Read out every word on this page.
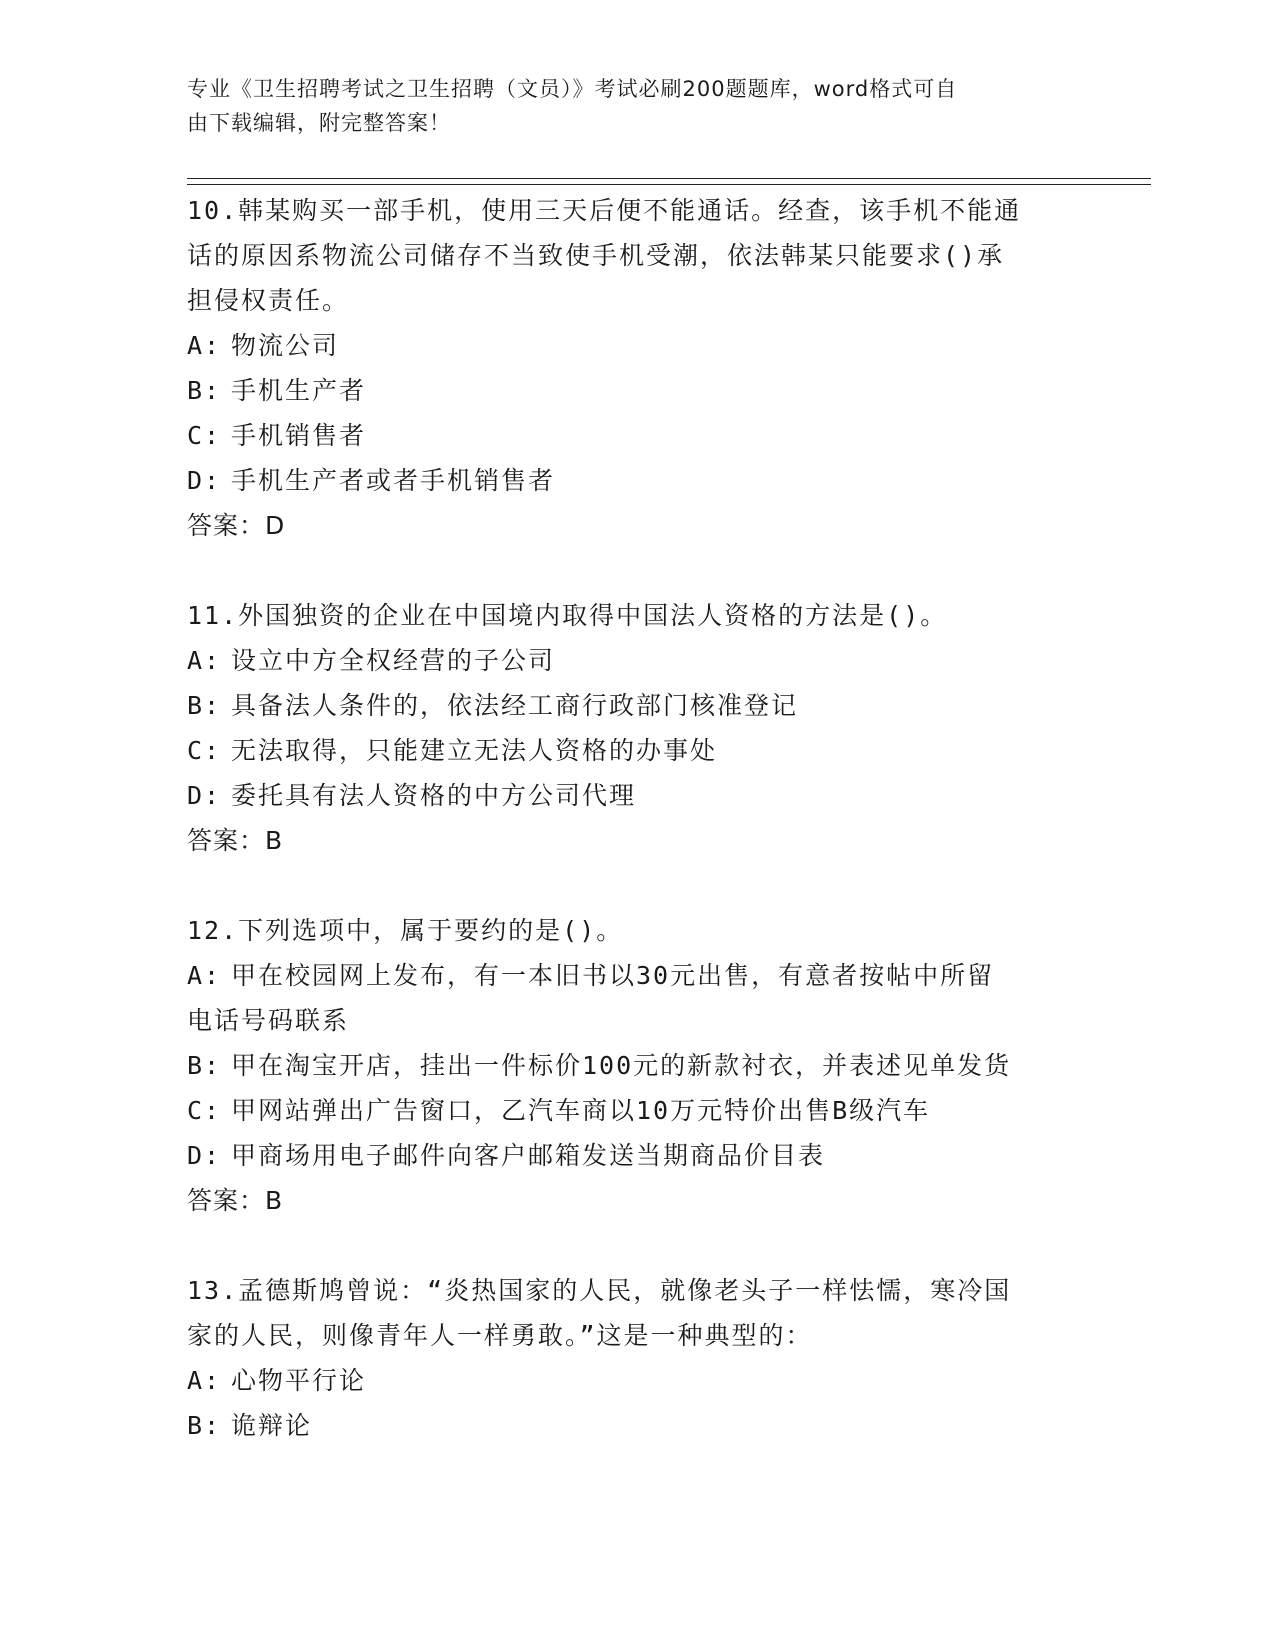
专业《卫生招聘考试之卫生招聘（文员）》考试必刷200题题库，word格式可自
由下载编辑，附完整答案！
10.韩某购买一部手机，使用三天后便不能通话。经查，该手机不能通
话的原因系物流公司储存不当致使手机受潮，依法韩某只能要求()承
担侵权责任。
A: 物流公司
B: 手机生产者
C: 手机销售者
D: 手机生产者或者手机销售者
答案：D
11.外国独资的企业在中国境内取得中国法人资格的方法是()。
A: 设立中方全权经营的子公司
B: 具备法人条件的，依法经工商行政部门核准登记
C: 无法取得，只能建立无法人资格的办事处
D: 委托具有法人资格的中方公司代理
答案：B
12.下列选项中，属于要约的是()。
A: 甲在校园网上发布，有一本旧书以30元出售，有意者按帖中所留
电话号码联系
B: 甲在淘宝开店，挂出一件标价100元的新款衬衣，并表述见单发货
C: 甲网站弹出广告窗口，乙汽车商以10万元特价出售B级汽车
D: 甲商场用电子邮件向客户邮箱发送当期商品价目表
答案：B
13.孟德斯鸠曾说：“炎热国家的人民，就像老头子一样怯懦，寒冷国
家的人民，则像青年人一样勇敢。”这是一种典型的：
A: 心物平行论
B: 诡辩论
